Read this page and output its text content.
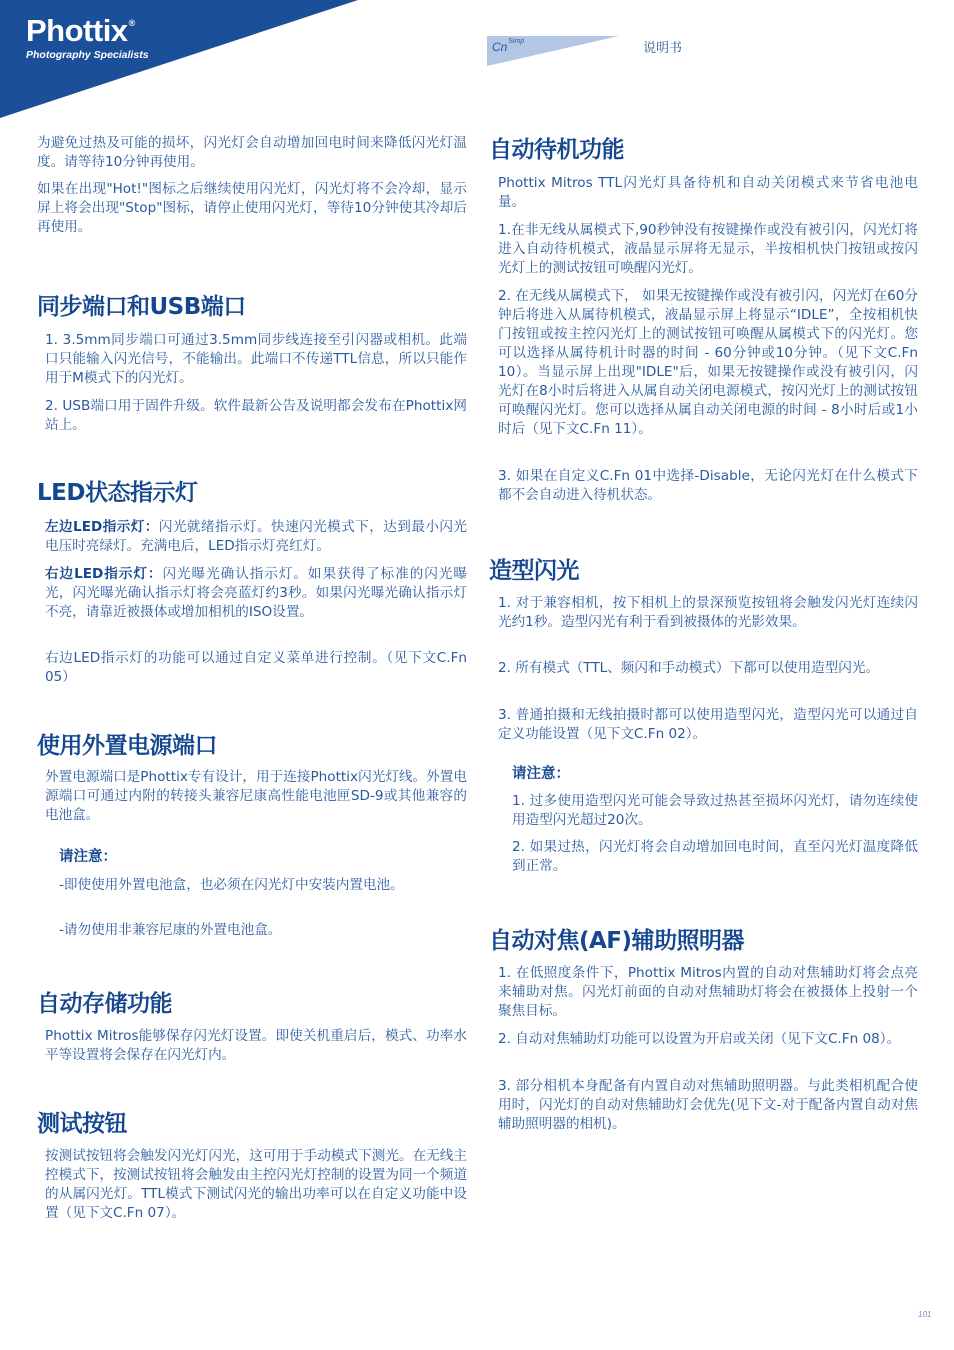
Phottix ®
Photography Specialists
$Cn^{Simp}$	说明书

为避免过热及可能的损坏，闪光灯会自动增加回电时间来降低闪光灯温度。请等待10分钟再使用。

如果在出现"Hot!"图标之后继续使用闪光灯，闪光灯将不会冷却，显示屏上将会出现"Stop"图标，请停止使用闪光灯，等待10分钟使其冷却后再使用。

同步端口和USB端口

1. 3.5mm同步端口可通过3.5mm同步线连接至引闪器或相机。此端口只能输入闪光信号，不能输出。此端口不传递TTL信息，所以只能作用于M模式下的闪光灯。

2. USB端口用于固件升级。软件最新公告及说明都会发布在Phottix网站上。

LED状态指示灯

左边LED指示灯：闪光就绪指示灯。快速闪光模式下，达到最小闪光电压时亮绿灯。充满电后，LED指示灯亮红灯。

右边LED指示灯：闪光曝光确认指示灯。如果获得了标准的闪光曝光，闪光曝光确认指示灯将会亮蓝灯约3秒。如果闪光曝光确认指示灯不亮，请靠近被摄体或增加相机的ISO设置。

右边LED指示灯的功能可以通过自定义菜单进行控制。（见下文C.Fn 05）

使用外置电源端口

外置电源端口是Phottix专有设计，用于连接Phottix闪光灯线。外置电源端口可通过内附的转接头兼容尼康高性能电池匣SD-9或其他兼容的电池盒。

请注意：

-即使使用外置电池盒，也必须在闪光灯中安装内置电池。

-请勿使用非兼容尼康的外置电池盒。

自动存储功能

Phottix Mitros能够保存闪光灯设置。即使关机重启后，模式、功率水平等设置将会保存在闪光灯内。

测试按钮

按测试按钮将会触发闪光灯闪光，这可用于手动模式下测光。在无线主控模式下，按测试按钮将会触发由主控闪光灯控制的设置为同一个频道的从属闪光灯。TTL模式下测试闪光的输出功率可以在自定义功能中设置（见下文C.Fn 07）。

自动待机功能

Phottix Mitros TTL闪光灯具备待机和自动关闭模式来节省电池电量。

1.在非无线从属模式下,90秒钟没有按键操作或没有被引闪，闪光灯将进入自动待机模式，液晶显示屏将无显示，半按相机快门按钮或按闪光灯上的测试按钮可唤醒闪光灯。

2. 在无线从属模式下， 如果无按键操作或没有被引闪，闪光灯在60分钟后将进入从属待机模式，液晶显示屏上将显示“IDLE”，全按相机快门按钮或按主控闪光灯上的测试按钮可唤醒从属模式下的闪光灯。您可以选择从属待机计时器的时间 - 60分钟或10分钟。（见下文C.Fn 10）。当显示屏上出现"IDLE"后，如果无按键操作或没有被引闪，闪光灯在8小时后将进入从属自动关闭电源模式，按闪光灯上的测试按钮可唤醒闪光灯。您可以选择从属自动关闭电源的时间 - 8小时后或1小时后（见下文C.Fn 11）。

3. 如果在自定义C.Fn 01中选择-Disable，无论闪光灯在什么模式下都不会自动进入待机状态。

造型闪光

1. 对于兼容相机，按下相机上的景深预览按钮将会触发闪光灯连续闪光约1秒。造型闪光有利于看到被摄体的光影效果。

2. 所有模式（TTL、频闪和手动模式）下都可以使用造型闪光。

3. 普通拍摄和无线拍摄时都可以使用造型闪光，造型闪光可以通过自定义功能设置（见下文C.Fn 02）。

请注意：

1. 过多使用造型闪光可能会导致过热甚至损坏闪光灯，请勿连续使用造型闪光超过20次。

2. 如果过热，闪光灯将会自动增加回电时间，直至闪光灯温度降低到正常。

自动对焦(AF)辅助照明器

1. 在低照度条件下，Phottix Mitros内置的自动对焦辅助灯将会点亮来辅助对焦。闪光灯前面的自动对焦辅助灯将会在被摄体上投射一个聚焦目标。

2. 自动对焦辅助灯功能可以设置为开启或关闭（见下文C.Fn 08）。

3. 部分相机本身配备有内置自动对焦辅助照明器。与此类相机配合使用时，闪光灯的自动对焦辅助灯会优先(见下文-对于配备内置自动对焦辅助照明器的相机)。

101
